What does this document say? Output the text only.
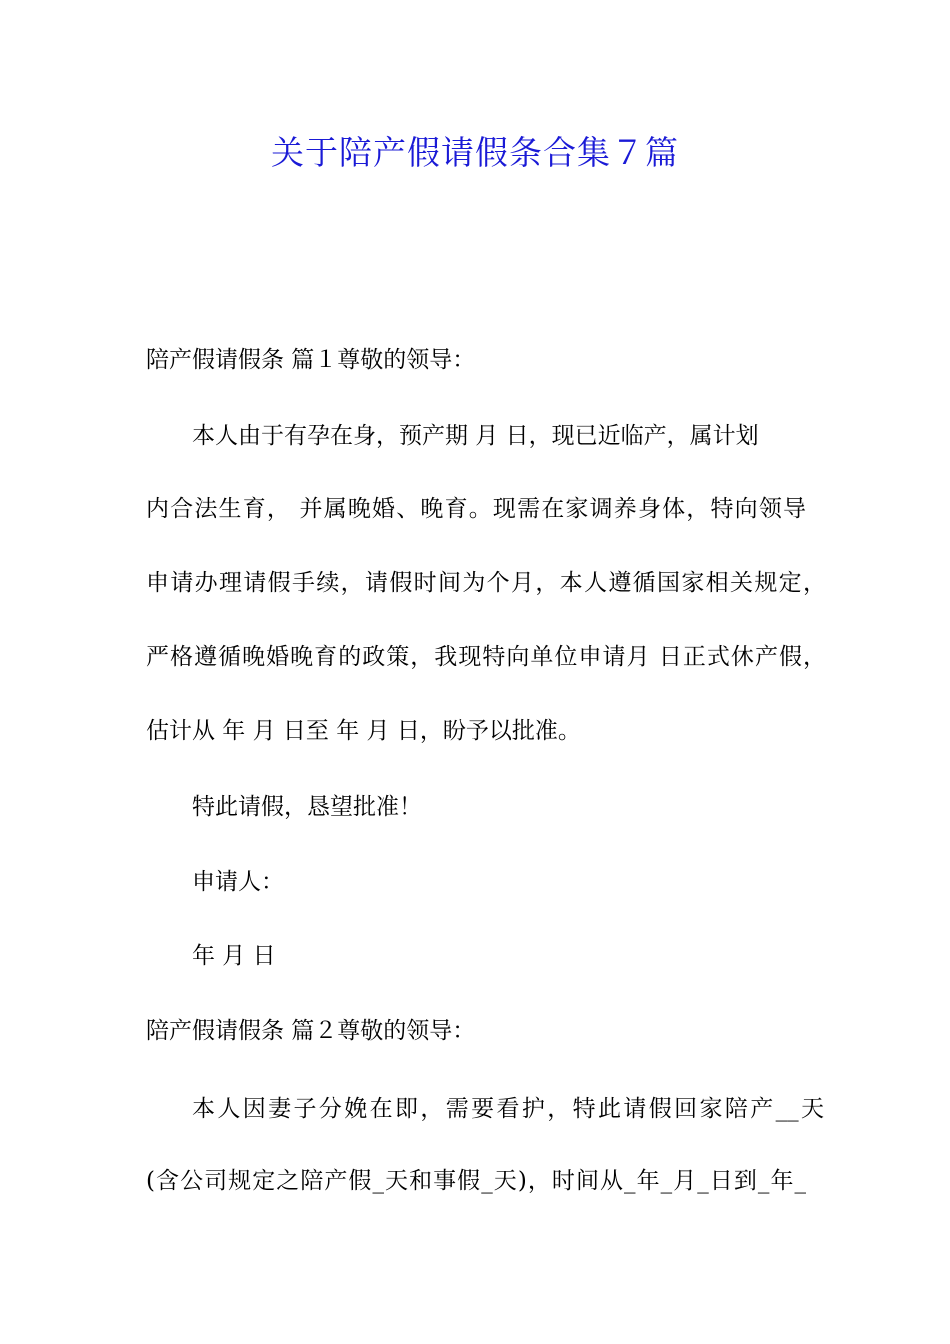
关于陪产假请假条合集７篇

陪产假请假条 篇１尊敬的领导：

本人由于有孕在身，预产期 月 日，现已近临产，属计划

内合法生育， 并属晚婚、晚育。现需在家调养身体，特向领导

申请办理请假手续，请假时间为个月，本人遵循国家相关规定，

严格遵循晚婚晚育的政策，我现特向单位申请月 日正式休产假，

估计从 年 月 日至 年 月 日，盼予以批准。

特此请假，恳望批准！

申请人：

年 月 日

陪产假请假条 篇２尊敬的领导：

本人因妻子分娩在即，需要看护，特此请假回家陪产__天

(含公司规定之陪产假_天和事假_天)，时间从_年_月_日到_年_
